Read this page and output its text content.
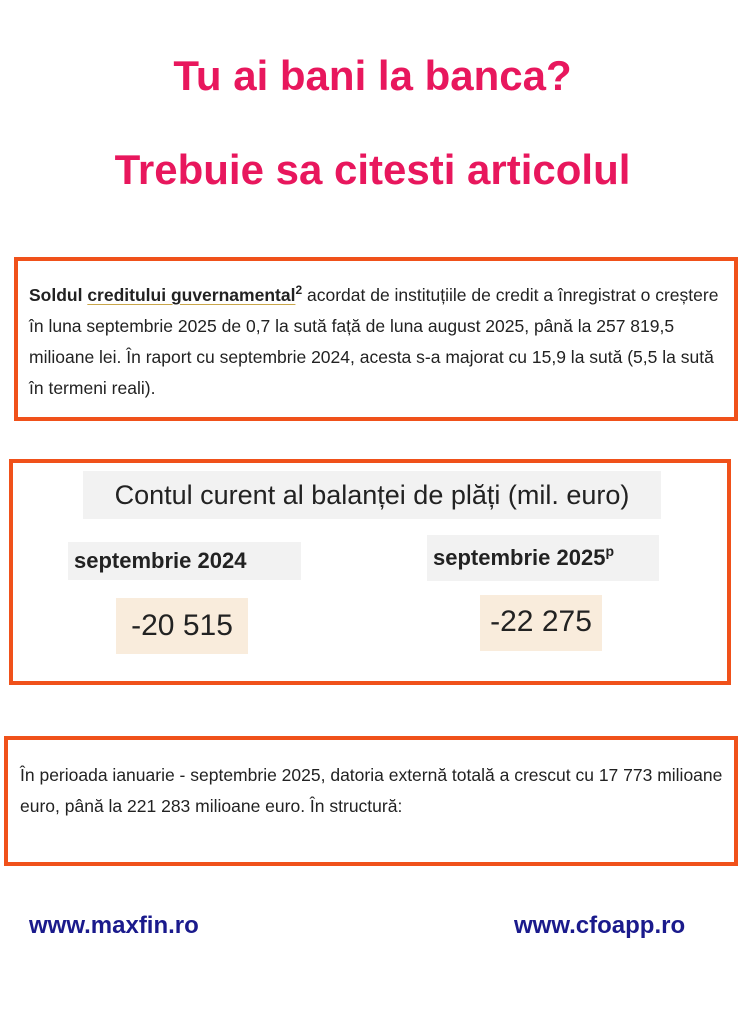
Tu ai bani la banca?
Trebuie sa citesti articolul

Soldul creditului guvernamental$^2$ acordat de instituțiile de credit a înregistrat o creștere în luna septembrie 2025 de 0,7 la sută față de luna august 2025, până la 257 819,5 milioane lei. În raport cu septembrie 2024, acesta s-a majorat cu 15,9 la sută (5,5 la sută în termeni reali).

Contul curent al balanței de plăți (mil. euro)
septembrie 2024	septembrie 2025$^p$
-20 515	-22 275

În perioada ianuarie - septembrie 2025, datoria externă totală a crescut cu 17 773 milioane euro, până la 221 283 milioane euro. În structură:

www.maxfin.ro	www.cfoapp.ro
